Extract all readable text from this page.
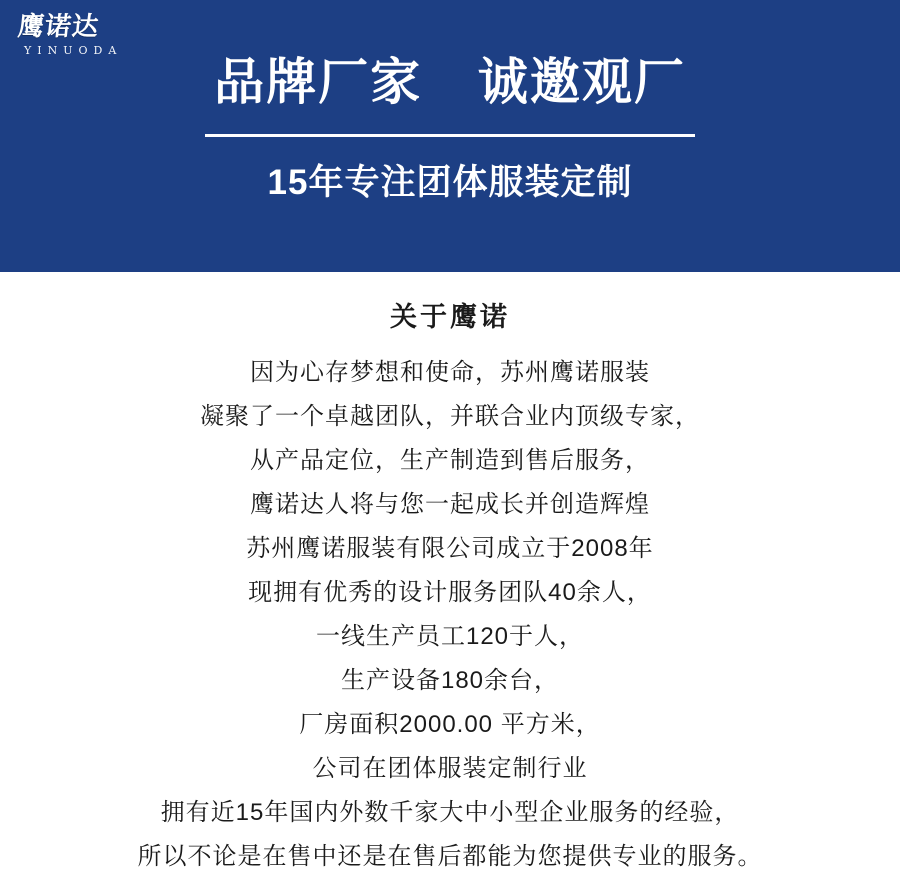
鹰诺达
YINUODA
品牌厂家 诚邀观厂
15年专注团体服装定制
关于鹰诺
因为心存梦想和使命，苏州鹰诺服装
凝聚了一个卓越团队，并联合业内顶级专家，
从产品定位，生产制造到售后服务，
鹰诺达人将与您一起成长并创造辉煌
苏州鹰诺服装有限公司成立于2008年
现拥有优秀的设计服务团队40余人，
一线生产员工120于人，
生产设备180余台，
厂房面积2000.00 平方米，
公司在团体服装定制行业
拥有近15年国内外数千家大中小型企业服务的经验，
所以不论是在售中还是在售后都能为您提供专业的服务。
